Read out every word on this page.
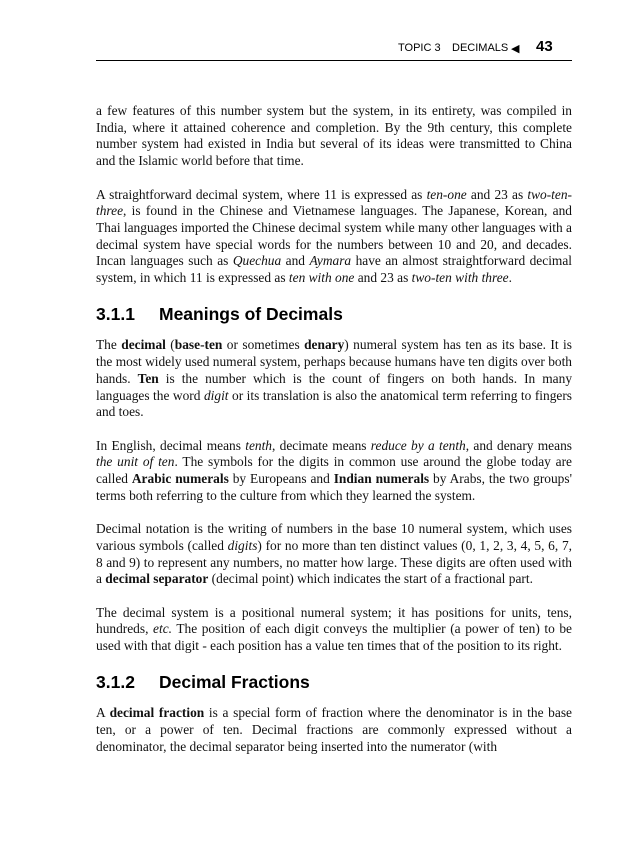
TOPIC 3 DECIMALS ◀ 43

a few features of this number system but the system, in its entirety, was compiled in India, where it attained coherence and completion. By the 9th century, this complete number system had existed in India but several of its ideas were transmitted to China and the Islamic world before that time.

A straightforward decimal system, where 11 is expressed as ten-one and 23 as two-ten-three, is found in the Chinese and Vietnamese languages. The Japanese, Korean, and Thai languages imported the Chinese decimal system while many other languages with a decimal system have special words for the numbers between 10 and 20, and decades. Incan languages such as Quechua and Aymara have an almost straightforward decimal system, in which 11 is expressed as ten with one and 23 as two-ten with three.

3.1.1 Meanings of Decimals

The decimal (base-ten or sometimes denary) numeral system has ten as its base. It is the most widely used numeral system, perhaps because humans have ten digits over both hands. Ten is the number which is the count of fingers on both hands. In many languages the word digit or its translation is also the anatomical term referring to fingers and toes.

In English, decimal means tenth, decimate means reduce by a tenth, and denary means the unit of ten. The symbols for the digits in common use around the globe today are called Arabic numerals by Europeans and Indian numerals by Arabs, the two groups' terms both referring to the culture from which they learned the system.

Decimal notation is the writing of numbers in the base 10 numeral system, which uses various symbols (called digits) for no more than ten distinct values (0, 1, 2, 3, 4, 5, 6, 7, 8 and 9) to represent any numbers, no matter how large. These digits are often used with a decimal separator (decimal point) which indicates the start of a fractional part.

The decimal system is a positional numeral system; it has positions for units, tens, hundreds, etc. The position of each digit conveys the multiplier (a power of ten) to be used with that digit - each position has a value ten times that of the position to its right.

3.1.2 Decimal Fractions

A decimal fraction is a special form of fraction where the denominator is in the base ten, or a power of ten. Decimal fractions are commonly expressed without a denominator, the decimal separator being inserted into the numerator (with
